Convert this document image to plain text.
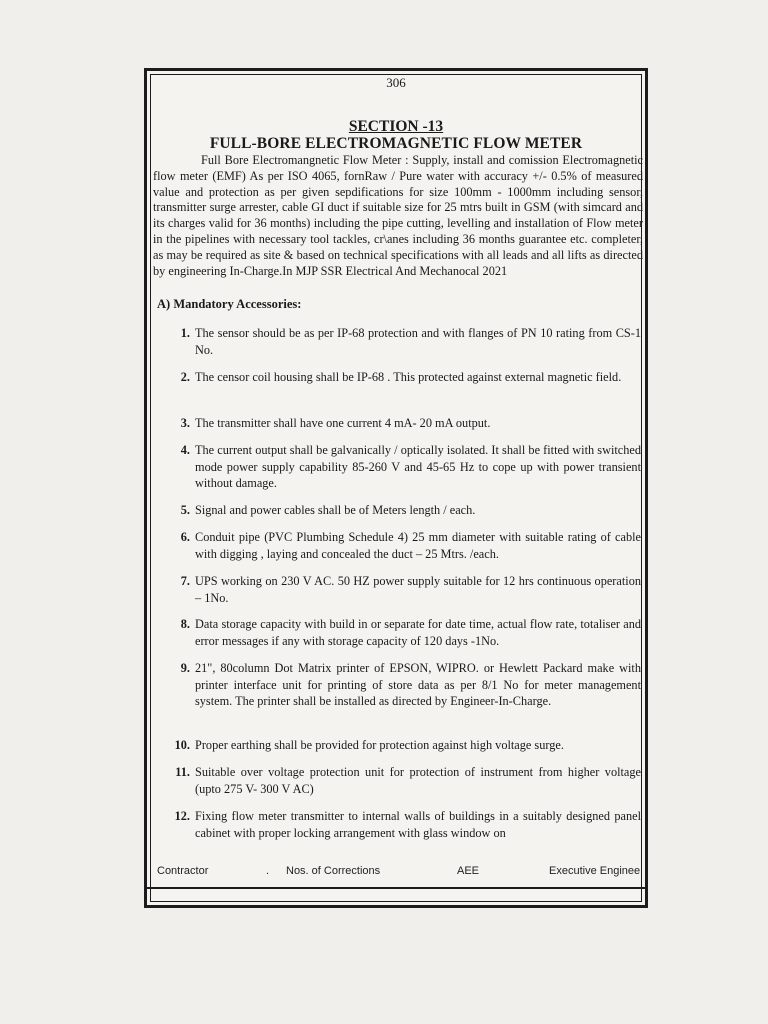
306
SECTION -13
FULL-BORE ELECTROMAGNETIC FLOW METER
Full Bore Electromangnetic Flow Meter : Supply, install and comission Electromagnetic flow meter (EMF) As per ISO 4065, fornRaw / Pure water with accuracy +/- 0.5% of measured value and protection as per given sepdifications for size 100mm - 1000mm including sensor, transmitter surge arrester, cable GI duct if suitable size for 25 mtrs built in GSM (with simcard and its charges valid for 36 months) including the pipe cutting, levelling and installation of Flow meter in the pipelines with necessary tool tackles, cr\anes including 36 months guarantee etc. completer, as may be required as site & based on technical specifications with all leads and all lifts as directed by engineering In-Charge.In MJP SSR Electrical And Mechanocal 2021
A) Mandatory Accessories:
1. The sensor should be as per IP-68 protection and with flanges of PN 10 rating from CS-1 No.
2. The censor coil housing shall be IP-68 . This protected against external magnetic field.
3. The transmitter shall have one current 4 mA- 20 mA output.
4. The current output shall be galvanically / optically isolated. It shall be fitted with switched mode power supply capability 85-260 V and 45-65 Hz to cope up with power transient without damage.
5. Signal and power cables shall be of Meters length / each.
6. Conduit pipe (PVC Plumbing Schedule 4) 25 mm diameter with suitable rating of cable with digging , laying and concealed the duct – 25 Mtrs. /each.
7. UPS working on 230 V AC. 50 HZ power supply suitable for 12 hrs continuous operation – 1No.
8. Data storage capacity with build in or separate for date time, actual flow rate, totaliser and error messages if any with storage capacity of 120 days -1No.
9. 21", 80column Dot Matrix printer of EPSON, WIPRO. or Hewlett Packard make with printer interface unit for printing of store data as per 8/1 No for meter management system. The printer shall be installed as directed by Engineer-In-Charge.
10. Proper earthing shall be provided for protection against high voltage surge.
11. Suitable over voltage protection unit for protection of instrument from higher voltage (upto 275 V- 300 V AC)
12. Fixing flow meter transmitter to internal walls of buildings in a suitably designed panel cabinet with proper locking arrangement with glass window on
Contractor	. Nos. of Corrections	AEE	Executive Enginee
